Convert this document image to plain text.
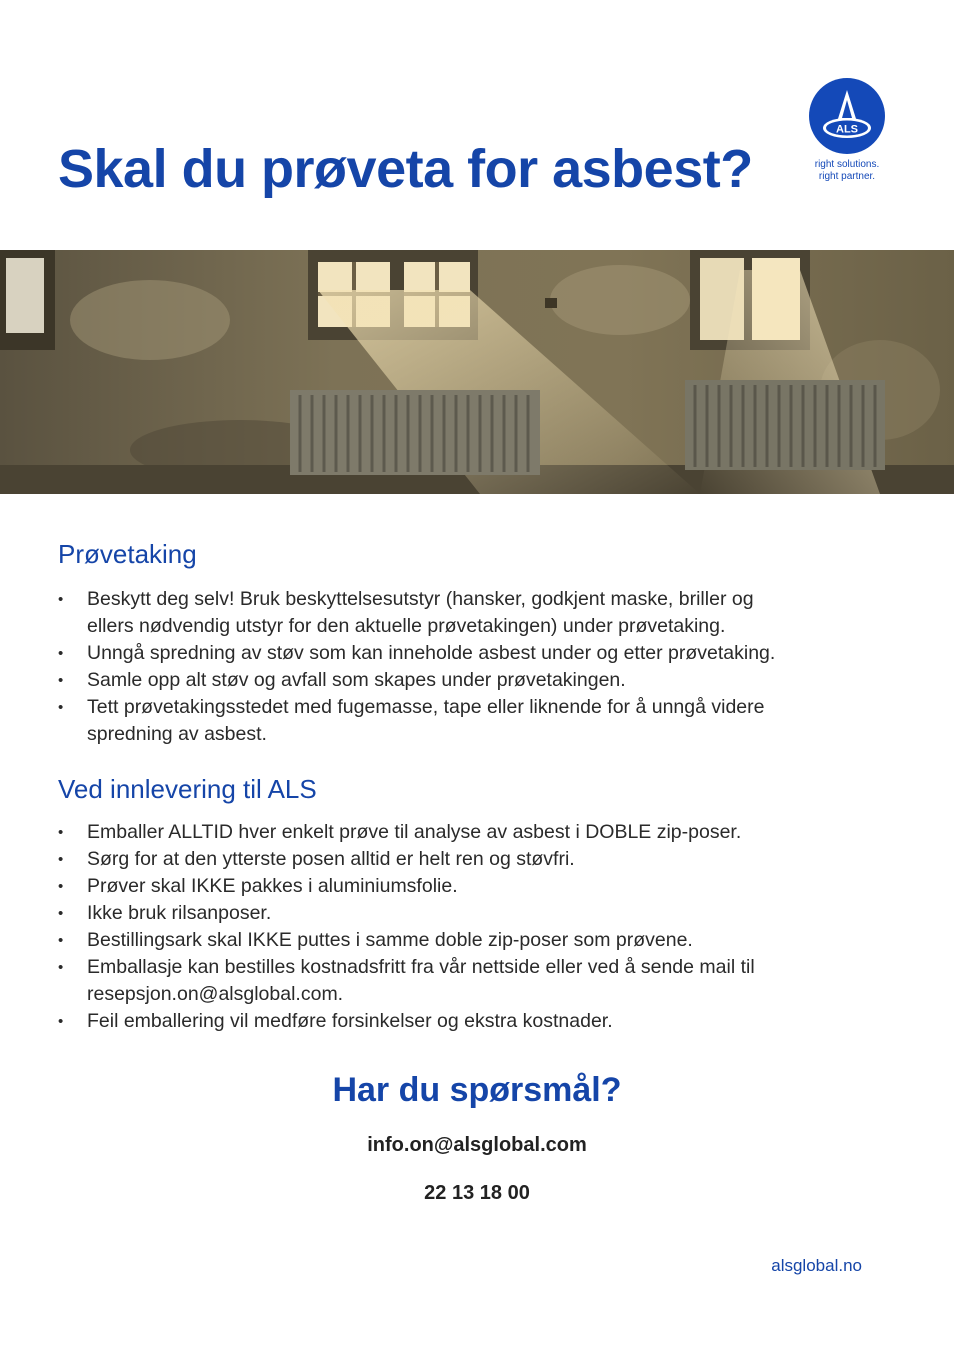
Skal du prøveta for asbest?
ALS
right solutions.
right partner.
Prøvetaking
• Beskytt deg selv! Bruk beskyttelsesutstyr (hansker, godkjent maske, briller og
ellers nødvendig utstyr for den aktuelle prøvetakingen) under prøvetaking.
• Unngå spredning av støv som kan inneholde asbest under og etter prøvetaking.
• Samle opp alt støv og avfall som skapes under prøvetakingen.
• Tett prøvetakingsstedet med fugemasse, tape eller liknende for å unngå videre
spredning av asbest.
Ved innlevering til ALS
• Emballer ALLTID hver enkelt prøve til analyse av asbest i DOBLE zip-poser.
• Sørg for at den ytterste posen alltid er helt ren og støvfri.
• Prøver skal IKKE pakkes i aluminiumsfolie.
• Ikke bruk rilsanposer.
• Bestillingsark skal IKKE puttes i samme doble zip-poser som prøvene.
• Emballasje kan bestilles kostnadsfritt fra vår nettside eller ved å sende mail til
resepsjon.on@alsglobal.com.
• Feil emballering vil medføre forsinkelser og ekstra kostnader.
Har du spørsmål?
info.on@alsglobal.com
22 13 18 00
alsglobal.no
